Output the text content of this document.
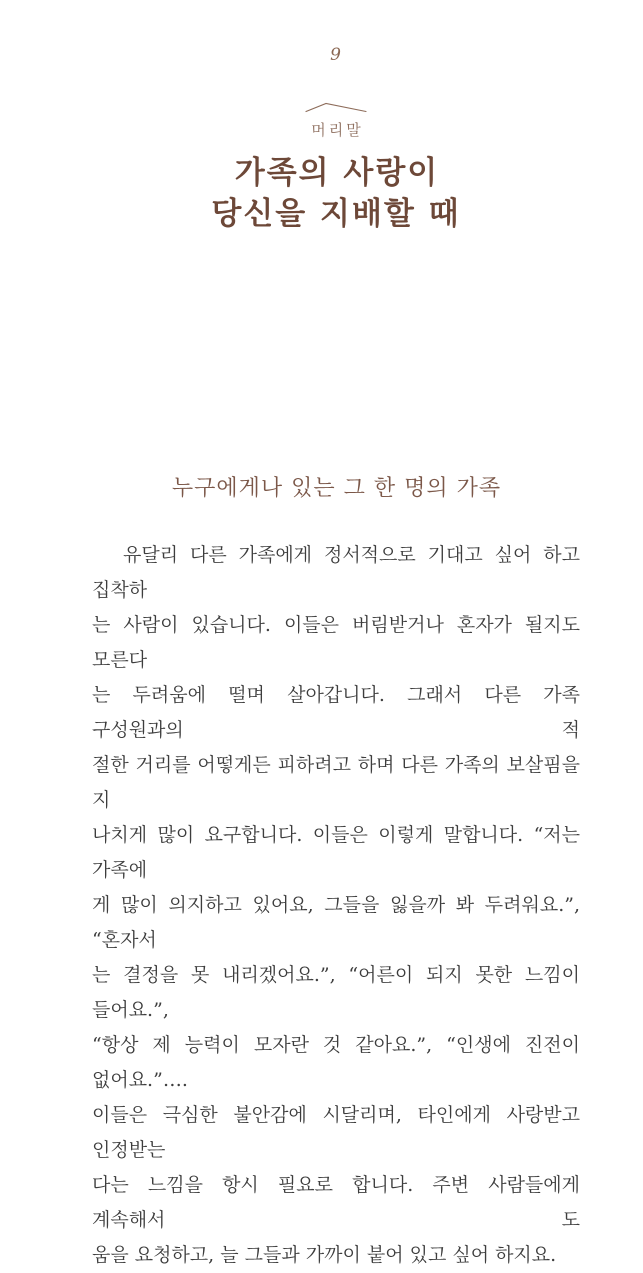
9
머리말
가족의 사랑이
당신을 지배할 때
누구에게나 있는 그 한 명의 가족
유달리 다른 가족에게 정서적으로 기대고 싶어 하고 집착하
는 사람이 있습니다. 이들은 버림받거나 혼자가 될지도 모른다
는 두려움에 떨며 살아갑니다. 그래서 다른 가족 구성원과의 적
절한 거리를 어떻게든 피하려고 하며 다른 가족의 보살핌을 지
나치게 많이 요구합니다. 이들은 이렇게 말합니다. “저는 가족에
게 많이 의지하고 있어요, 그들을 잃을까 봐 두려워요.”, “혼자서
는 결정을 못 내리겠어요.”, “어른이 되지 못한 느낌이 들어요.”,
“항상 제 능력이 모자란 것 같아요.”, “인생에 진전이 없어요.”….
이들은 극심한 불안감에 시달리며, 타인에게 사랑받고 인정받는
다는 느낌을 항시 필요로 합니다. 주변 사람들에게 계속해서 도
움을 요청하고, 늘 그들과 가까이 붙어 있고 싶어 하지요.
